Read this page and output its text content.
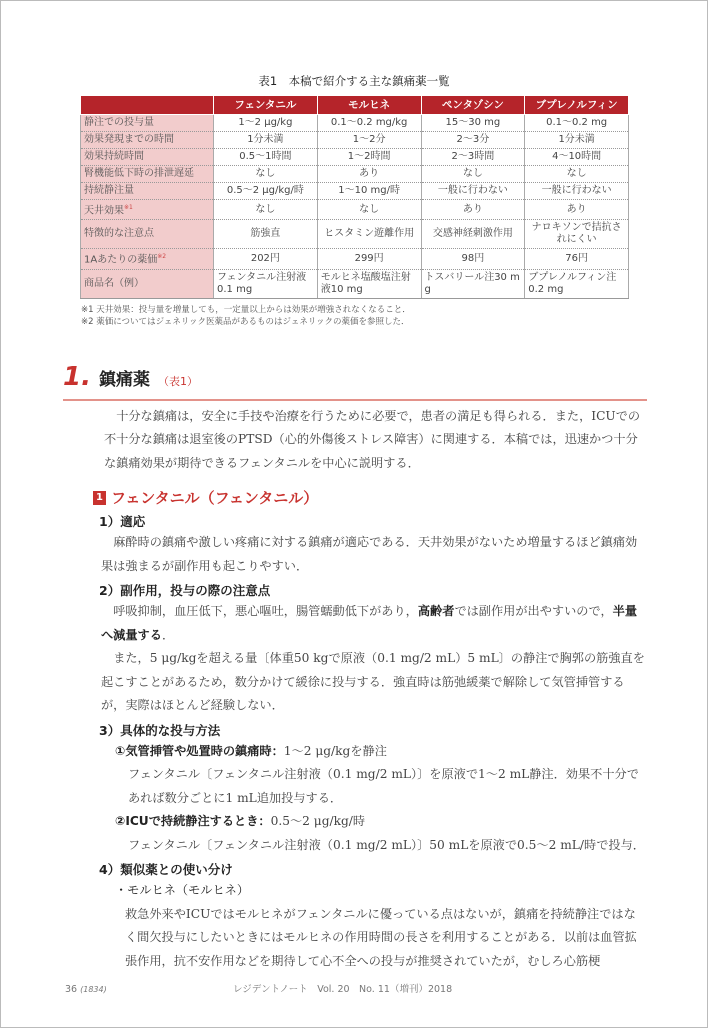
表1　本稿で紹介する主な鎮痛薬一覧
	フェンタニル	モルヒネ	ペンタゾシン	ブプレノルフィン
静注での投与量	1～2 μg/kg	0.1～0.2 mg/kg	15～30 mg	0.1～0.2 mg
効果発現までの時間	1分未満	1～2分	2～3分	1分未満
効果持続時間	0.5～1時間	1～2時間	2～3時間	4～10時間
腎機能低下時の排泄遅延	なし	あり	なし	なし
持続静注量	0.5～2 μg/kg/時	1～10 mg/時	一般に行わない	一般に行わない
天井効果$^{※1}$	なし	なし	あり	あり
特徴的な注意点	筋強直	ヒスタミン遊離作用	交感神経刺激作用	ナロキソンで拮抗されにくい
1Aあたりの薬価$^{※2}$	202円	299円	98円	76円
商品名（例）	フェンタニル注射液0.1 mg	モルヒネ塩酸塩注射液10 mg	トスバリール注30 mg	ブプレノルフィン注0.2 mg
※1 天井効果：投与量を増量しても，一定量以上からは効果が増強されなくなること．
※2 薬価についてはジェネリック医薬品があるものはジェネリックの薬価を参照した．
1. 鎮痛薬 （表1）
十分な鎮痛は，安全に手技や治療を行うために必要で，患者の満足も得られる．また，ICUでの不十分な鎮痛は退室後のPTSD（心的外傷後ストレス障害）に関連する．本稿では，迅速かつ十分な鎮痛効果が期待できるフェンタニルを中心に説明する．
1 フェンタニル（フェンタニル）
1）適応
麻酔時の鎮痛や激しい疼痛に対する鎮痛が適応である．天井効果がないため増量するほど鎮痛効果は強まるが副作用も起こりやすい．
2）副作用，投与の際の注意点
呼吸抑制，血圧低下，悪心嘔吐，腸管蠕動低下があり，高齢者では副作用が出やすいので，半量へ減量する．
また，5 μg/kgを超える量〔体重50 kgで原液（0.1 mg/2 mL）5 mL〕の静注で胸郭の筋強直を起こすことがあるため，数分かけて緩徐に投与する．強直時は筋弛緩薬で解除して気管挿管するが，実際はほとんど経験しない．
3）具体的な投与方法
①気管挿管や処置時の鎮痛時：1～2 μg/kgを静注
フェンタニル〔フェンタニル注射液（0.1 mg/2 mL）〕を原液で1～2 mL静注．効果不十分であれば数分ごとに1 mL追加投与する．
②ICUで持続静注するとき：0.5～2 μg/kg/時
フェンタニル〔フェンタニル注射液（0.1 mg/2 mL）〕50 mLを原液で0.5～2 mL/時で投与．
4）類似薬との使い分け
・モルヒネ（モルヒネ）
救急外来やICUではモルヒネがフェンタニルに優っている点はないが，鎮痛を持続静注ではなく間欠投与にしたいときにはモルヒネの作用時間の長さを利用することがある．以前は血管拡張作用，抗不安作用などを期待して心不全への投与が推奨されていたが，むしろ心筋梗
36 (1834)	レジデントノート　Vol. 20　No. 11（増刊）2018
